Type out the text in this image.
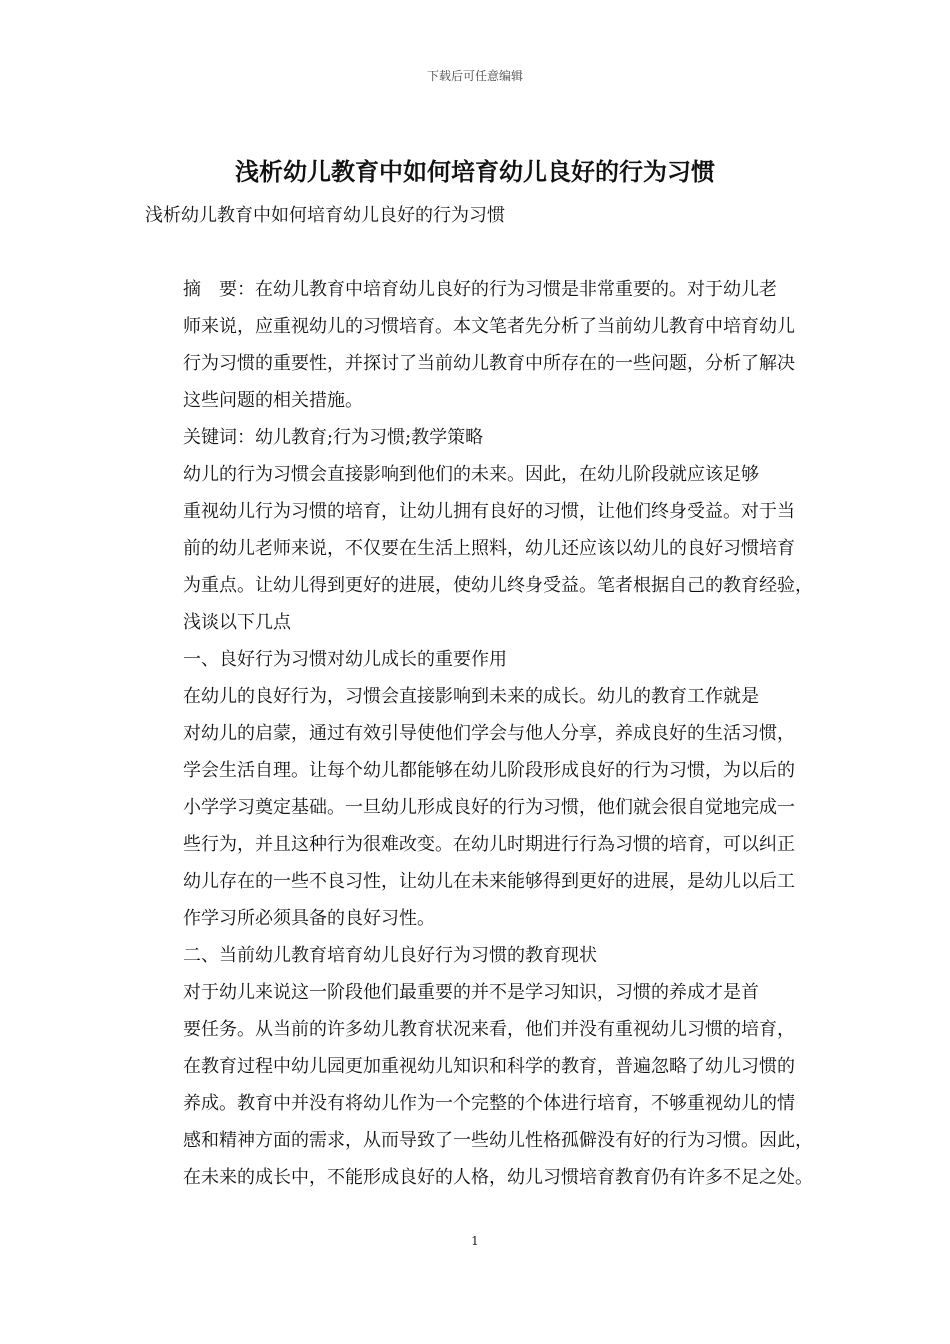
下载后可任意编辑
浅析幼儿教育中如何培育幼儿良好的行为习惯

浅析幼儿教育中如何培育幼儿良好的行为习惯

摘　要：在幼儿教育中培育幼儿良好的行为习惯是非常重要的。对于幼儿老
师来说，应重视幼儿的习惯培育。本文笔者先分析了当前幼儿教育中培育幼儿
行为习惯的重要性，并探讨了当前幼儿教育中所存在的一些问题，分析了解决
这些问题的相关措施。

关键词：幼儿教育;行为习惯;教学策略

幼儿的行为习惯会直接影响到他们的未来。因此，在幼儿阶段就应该足够
重视幼儿行为习惯的培育，让幼儿拥有良好的习惯，让他们终身受益。对于当
前的幼儿老师来说，不仅要在生活上照料，幼儿还应该以幼儿的良好习惯培育
为重点。让幼儿得到更好的进展，使幼儿终身受益。笔者根据自己的教育经验，
浅谈以下几点

一、良好行为习惯对幼儿成长的重要作用

在幼儿的良好行为，习惯会直接影响到未来的成长。幼儿的教育工作就是
对幼儿的启蒙，通过有效引导使他们学会与他人分享，养成良好的生活习惯，
学会生活自理。让每个幼儿都能够在幼儿阶段形成良好的行为习惯，为以后的
小学学习奠定基础。一旦幼儿形成良好的行为习惯，他们就会很自觉地完成一
些行为，并且这种行为很难改变。在幼儿时期进行行為习惯的培育，可以纠正
幼儿存在的一些不良习性，让幼儿在未来能够得到更好的进展，是幼儿以后工
作学习所必须具备的良好习性。

二、当前幼儿教育培育幼儿良好行为习惯的教育现状

对于幼儿来说这一阶段他们最重要的并不是学习知识，习惯的养成才是首
要任务。从当前的许多幼儿教育状况来看，他们并没有重视幼儿习惯的培育，
在教育过程中幼儿园更加重视幼儿知识和科学的教育，普遍忽略了幼儿习惯的
养成。教育中并没有将幼儿作为一个完整的个体进行培育，不够重视幼儿的情
感和精神方面的需求，从而导致了一些幼儿性格孤僻没有好的行为习惯。因此，
在未来的成长中，不能形成良好的人格，幼儿习惯培育教育仍有许多不足之处。

1
